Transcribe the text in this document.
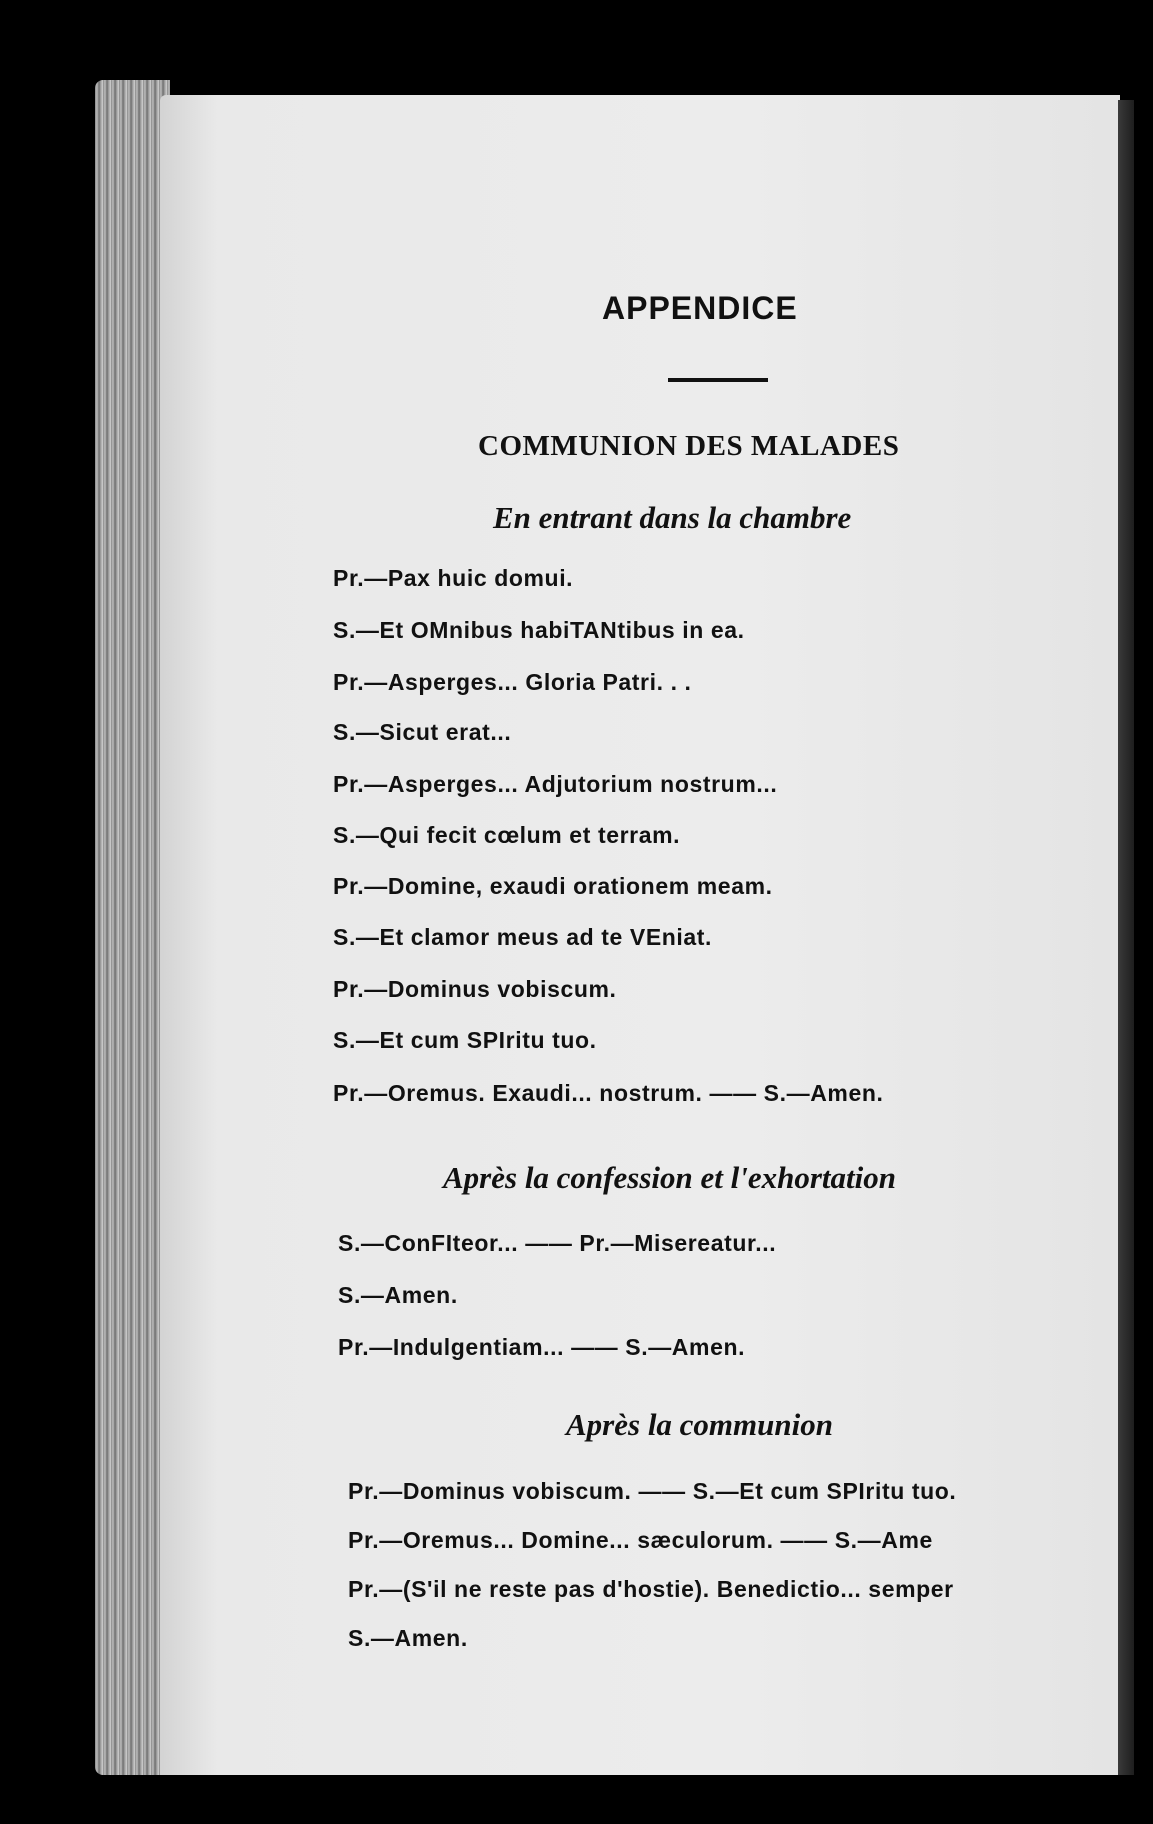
APPENDICE
COMMUNION DES MALADES
En entrant dans la chambre
Pr.—Pax huic domui.
S.—Et OMnibus habiTANtibus in ea.
Pr.—Asperges... Gloria Patri. . .
S.—Sicut erat...
Pr.—Asperges... Adjutorium nostrum...
S.—Qui fecit cœlum et terram.
Pr.—Domine, exaudi orationem meam.
S.—Et clamor meus ad te VEniat.
Pr.—Dominus vobiscum.
S.—Et cum SPIritu tuo.
Pr.—Oremus. Exaudi... nostrum. —— S.—Amen.
Après la confession et l'exhortation
S.—ConFIteor... —— Pr.—Misereatur...
S.—Amen.
Pr.—Indulgentiam... —— S.—Amen.
Après la communion
Pr.—Dominus vobiscum. —— S.—Et cum SPIritu tuo.
Pr.—Oremus... Domine... sæculorum. —— S.—Ame
Pr.—(S'il ne reste pas d'hostie). Benedictio... semper
S.—Amen.
